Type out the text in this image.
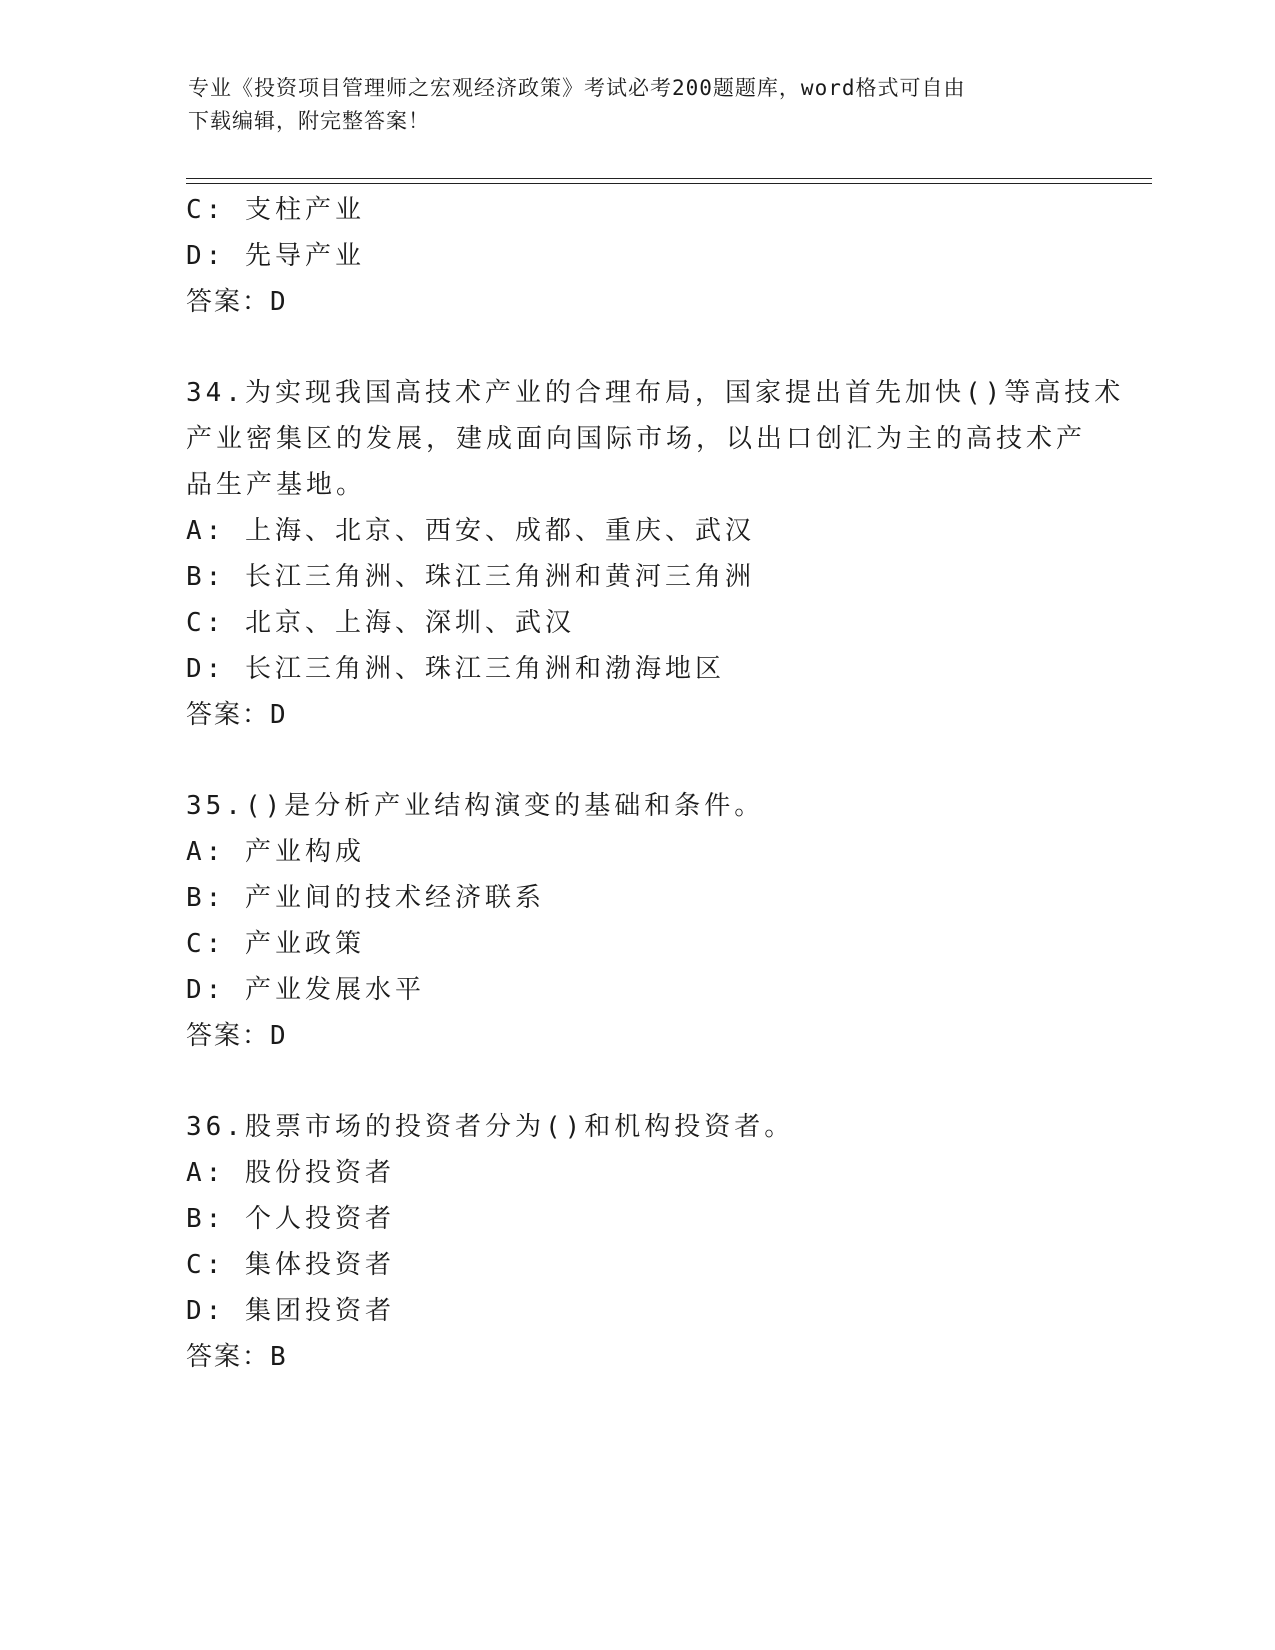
专业《投资项目管理师之宏观经济政策》考试必考200题题库，word格式可自由
下载编辑，附完整答案！
C: 支柱产业
D: 先导产业
答案：D
34.为实现我国高技术产业的合理布局，国家提出首先加快()等高技术
产业密集区的发展，建成面向国际市场，以出口创汇为主的高技术产
品生产基地。
A: 上海、北京、西安、成都、重庆、武汉
B: 长江三角洲、珠江三角洲和黄河三角洲
C: 北京、上海、深圳、武汉
D: 长江三角洲、珠江三角洲和渤海地区
答案：D
35.()是分析产业结构演变的基础和条件。
A: 产业构成
B: 产业间的技术经济联系
C: 产业政策
D: 产业发展水平
答案：D
36.股票市场的投资者分为()和机构投资者。
A: 股份投资者
B: 个人投资者
C: 集体投资者
D: 集团投资者
答案：B
